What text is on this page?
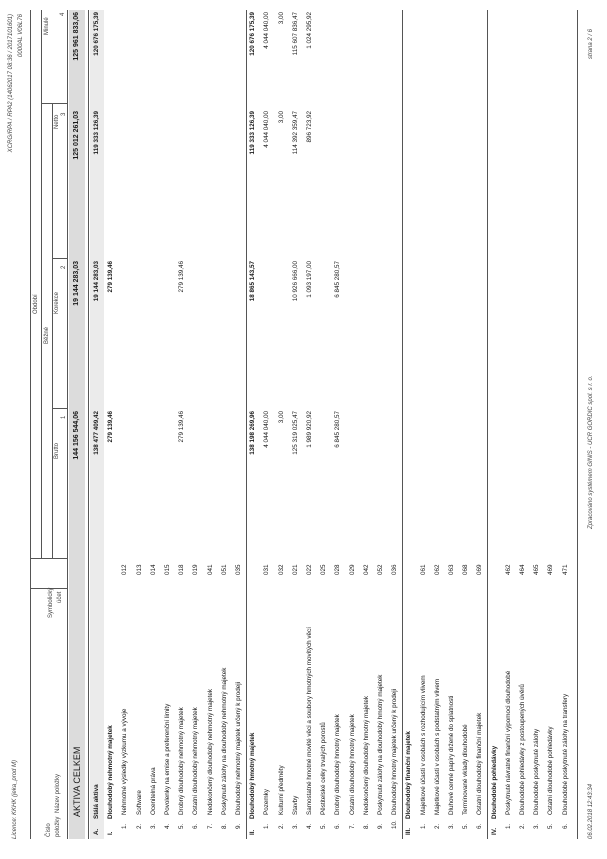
Licence: KKHK (jeka_prod M)
XCRG/RPA / RPA2 (14062017 08:36 / 2017101601) 0000AL V06L76
Číslo položky
Název položky
Symbolický účet
Období
Běžné
Minulé
Brutto
1
Korekce
2
Netto
3
4
AKTIVA CELKEM
144 156 544,06
19 144 283,03
125 012 261,03
125 961 833,06
06.02.2018 12:43:34
Zpracováno systémem GINIS - UCR GORDIC spol. s r. o.
strana 2 / 6
A.
Stálá aktiva
138 477 409,42
19 144 283,03
119 333 126,39
120 676 175,39
I.
Dlouhodobý nehmotný majetek
279 139,46
279 139,46
1.
Nehmotné výsledky výzkumu a vývoje
012
2.
Software
013
3.
Ocenitelná práva
014
4.
Povolenky na emise a preferenční limity
015
5.
Drobný dlouhodobý nehmotný majetek
018
279 139,46
279 139,46
6.
Ostatní dlouhodobý nehmotný majetek
019
7.
Nedokončený dlouhodobý nehmotný majetek
041
8.
Poskytnuté zálohy na dlouhodobý nehmotný majetek
051
9.
Dlouhodobý nehmotný majetek určený k prodeji
035
II.
Dlouhodobý hmotný majetek
138 198 269,96
18 865 143,57
119 333 126,39
120 676 175,39
1.
Pozemky
031
4 044 040,00
4 044 040,00
4 044 040,00
2.
Kulturní předměty
032
3,00
3,00
3,00
3.
Stavby
021
125 319 025,47
10 926 666,00
114 392 359,47
115 607 836,47
4.
Samostatné hmotné movité věci a soubory hmotných movitých věcí
022
1 989 920,92
1 093 197,00
896 723,92
1 024 295,92
5.
Pěstitelské celky trvalých porostů
025
6.
Drobný dlouhodobý hmotný majetek
028
6 845 280,57
6 845 280,57
7.
Ostatní dlouhodobý hmotný majetek
029
8.
Nedokončený dlouhodobý hmotný majetek
042
9.
Poskytnuté zálohy na dlouhodobý hmotný majetek
052
10.
Dlouhodobý hmotný majetek určený k prodeji
036
III.
Dlouhodobý finanční majetek
1.
Majetkové účasti v osobách s rozhodujícím vlivem
061
2.
Majetkové účasti v osobách s podstatným vlivem
062
3.
Dluhové cenné papíry držené do splatnosti
063
5.
Termínované vklady dlouhodobé
068
6.
Ostatní dlouhodobý finanční majetek
069
IV.
Dlouhodobé pohledávky
1.
Poskytnuté návratné finanční výpomoci dlouhodobé
462
2.
Dlouhodobé pohledávky z postoupených úvěrů
464
3.
Dlouhodobé poskytnuté zálohy
465
5.
Ostatní dlouhodobé pohledávky
469
6.
Dlouhodobé poskytnuté zálohy na transfery
471
